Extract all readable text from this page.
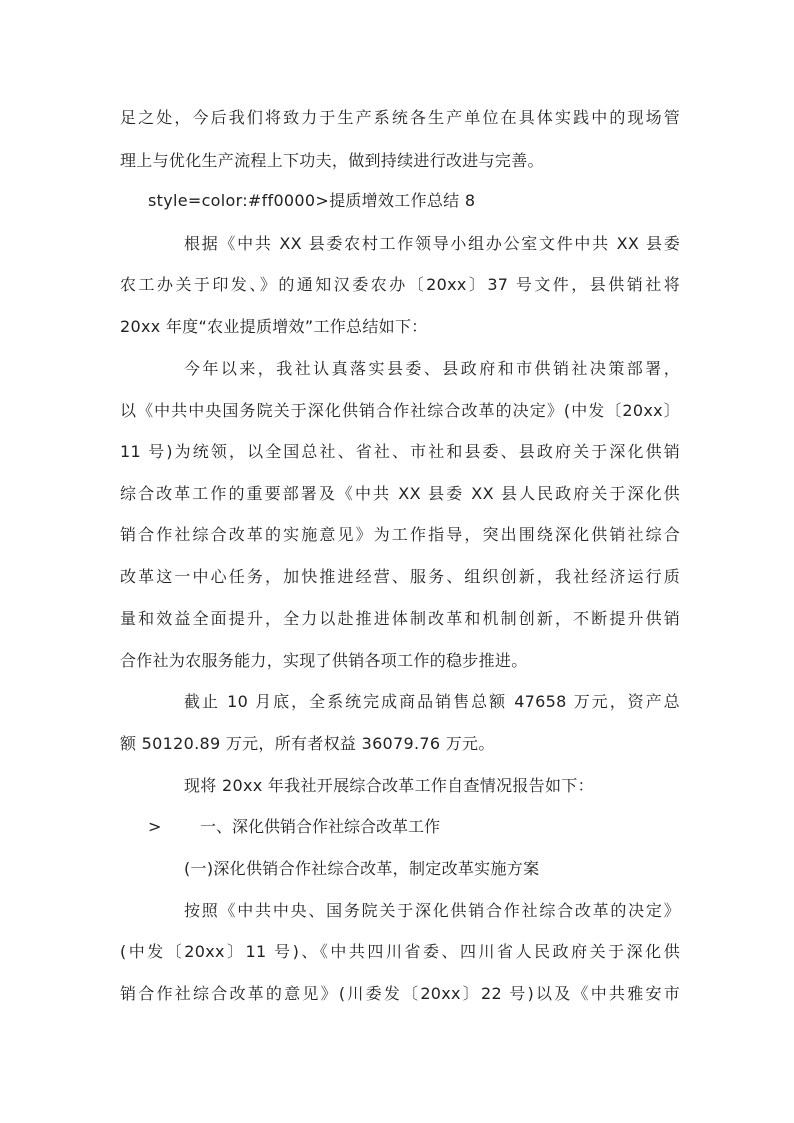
足之处，今后我们将致力于生产系统各生产单位在具体实践中的现场管
理上与优化生产流程上下功夫，做到持续进行改进与完善。
style=color:#ff0000>提质增效工作总结 8
根据《中共 XX 县委农村工作领导小组办公室文件中共 XX 县委
农工办关于印发、》的通知汉委农办〔20xx〕37 号文件，县供销社将
20xx 年度“农业提质增效”工作总结如下：
今年以来，我社认真落实县委、县政府和市供销社决策部署，
以《中共中央国务院关于深化供销合作社综合改革的决定》(中发〔20xx〕
11 号)为统领，以全国总社、省社、市社和县委、县政府关于深化供销
综合改革工作的重要部署及《中共 XX 县委 XX 县人民政府关于深化供
销合作社综合改革的实施意见》为工作指导，突出围绕深化供销社综合
改革这一中心任务，加快推进经营、服务、组织创新，我社经济运行质
量和效益全面提升，全力以赴推进体制改革和机制创新，不断提升供销
合作社为农服务能力，实现了供销各项工作的稳步推进。
截止 10 月底，全系统完成商品销售总额 47658 万元，资产总
额 50120.89 万元，所有者权益 36079.76 万元。
现将 20xx 年我社开展综合改革工作自查情况报告如下：
> 一、深化供销合作社综合改革工作
(一)深化供销合作社综合改革，制定改革实施方案
按照《中共中央、国务院关于深化供销合作社综合改革的决定》
(中发〔20xx〕11 号)、《中共四川省委、四川省人民政府关于深化供
销合作社综合改革的意见》(川委发〔20xx〕22 号)以及《中共雅安市
